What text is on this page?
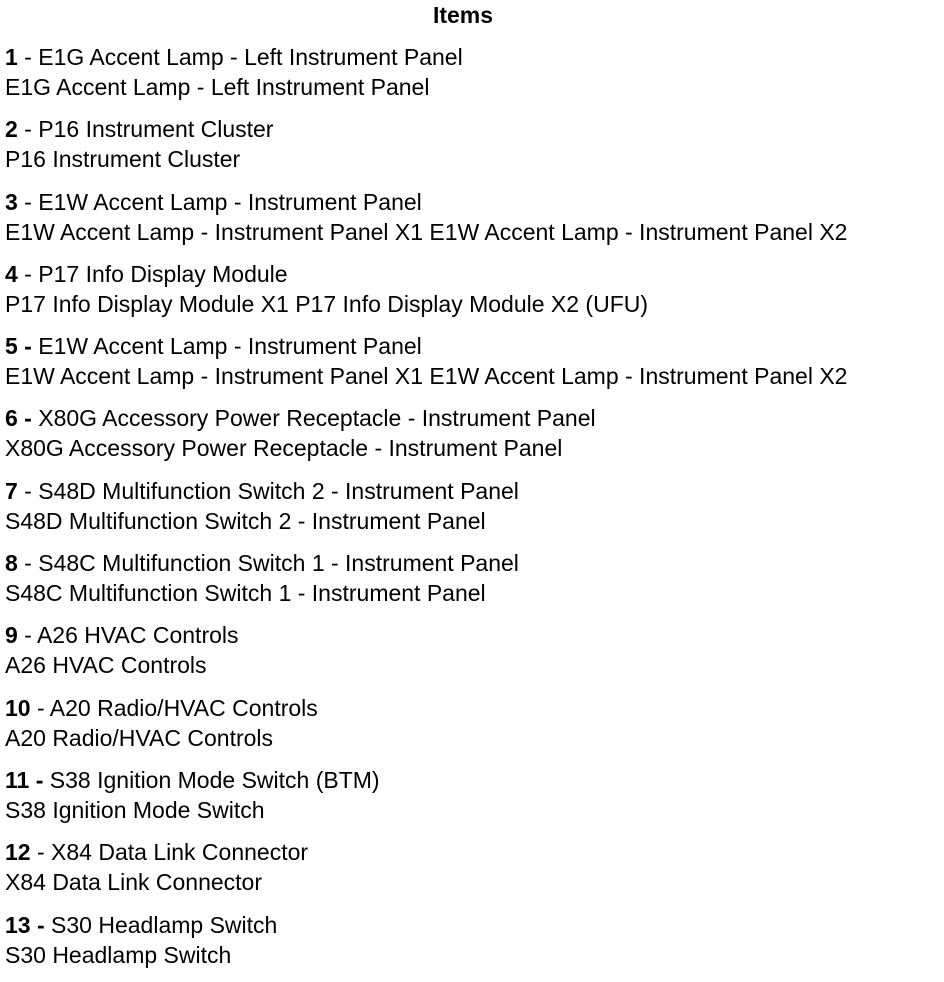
Items
1 - E1G Accent Lamp - Left Instrument Panel
E1G Accent Lamp - Left Instrument Panel
2 - P16 Instrument Cluster
P16 Instrument Cluster
3 - E1W Accent Lamp - Instrument Panel
E1W Accent Lamp - Instrument Panel X1 E1W Accent Lamp - Instrument Panel X2
4 - P17 Info Display Module
P17 Info Display Module X1 P17 Info Display Module X2 (UFU)
5 - E1W Accent Lamp - Instrument Panel
E1W Accent Lamp - Instrument Panel X1 E1W Accent Lamp - Instrument Panel X2
6 - X80G Accessory Power Receptacle - Instrument Panel
X80G Accessory Power Receptacle - Instrument Panel
7 - S48D Multifunction Switch 2 - Instrument Panel
S48D Multifunction Switch 2 - Instrument Panel
8 - S48C Multifunction Switch 1 - Instrument Panel
S48C Multifunction Switch 1 - Instrument Panel
9 - A26 HVAC Controls
A26 HVAC Controls
10 - A20 Radio/HVAC Controls
A20 Radio/HVAC Controls
11 - S38 Ignition Mode Switch (BTM)
S38 Ignition Mode Switch
12 - X84 Data Link Connector
X84 Data Link Connector
13 - S30 Headlamp Switch
S30 Headlamp Switch
